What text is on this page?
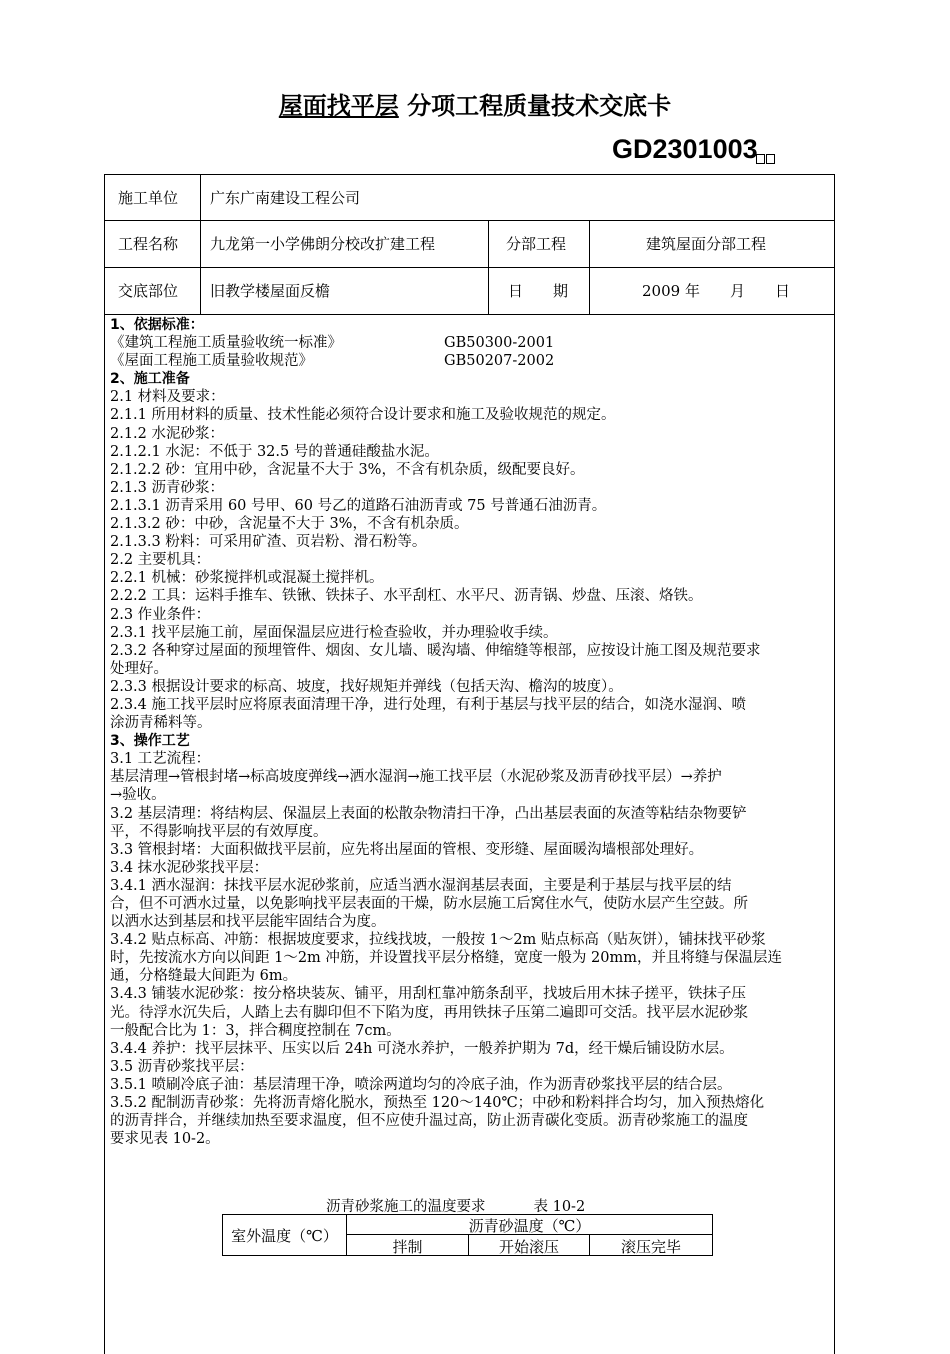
屋面找平层 分项工程质量技术交底卡
GD2301003
施工单位 广东广南建设工程公司
工程名称 九龙第一小学佛朗分校改扩建工程	分部工程	建筑屋面分部工程
交底部位 旧教学楼屋面反檐	日　　期	2009 年　　月　　日
1、依据标准：
《建筑工程施工质量验收统一标准》	GB50300-2001
《屋面工程施工质量验收规范》	GB50207-2002
2、施工准备
2.1 材料及要求：
2.1.1 所用材料的质量、技术性能必须符合设计要求和施工及验收规范的规定。
2.1.2 水泥砂浆：
2.1.2.1 水泥：不低于 32.5 号的普通硅酸盐水泥。
2.1.2.2 砂：宜用中砂，含泥量不大于 3%，不含有机杂质，级配要良好。
2.1.3 沥青砂浆：
2.1.3.1 沥青采用 60 号甲、60 号乙的道路石油沥青或 75 号普通石油沥青。
2.1.3.2 砂：中砂，含泥量不大于 3%，不含有机杂质。
2.1.3.3 粉料：可采用矿渣、页岩粉、滑石粉等。
2.2 主要机具：
2.2.1 机械：砂浆搅拌机或混凝土搅拌机。
2.2.2 工具：运料手推车、铁锹、铁抹子、水平刮杠、水平尺、沥青锅、炒盘、压滚、烙铁。
2.3 作业条件：
2.3.1 找平层施工前，屋面保温层应进行检查验收，并办理验收手续。
2.3.2 各种穿过屋面的预埋管件、烟囱、女儿墙、暖沟墙、伸缩缝等根部，应按设计施工图及规范要求
处理好。
2.3.3 根据设计要求的标高、坡度，找好规矩并弹线（包括天沟、檐沟的坡度）。
2.3.4 施工找平层时应将原表面清理干净，进行处理，有利于基层与找平层的结合，如浇水湿润、喷
涂沥青稀料等。
3、操作工艺
3.1 工艺流程：
基层清理→管根封堵→标高坡度弹线→洒水湿润→施工找平层（水泥砂浆及沥青砂找平层）→养护
→验收。
3.2 基层清理：将结构层、保温层上表面的松散杂物清扫干净，凸出基层表面的灰渣等粘结杂物要铲
平，不得影响找平层的有效厚度。
3.3 管根封堵：大面积做找平层前，应先将出屋面的管根、变形缝、屋面暖沟墙根部处理好。
3.4 抹水泥砂浆找平层：
3.4.1 洒水湿润：抹找平层水泥砂浆前，应适当洒水湿润基层表面，主要是利于基层与找平层的结
合，但不可洒水过量，以免影响找平层表面的干燥，防水层施工后窝住水气，使防水层产生空鼓。所
以洒水达到基层和找平层能牢固结合为度。
3.4.2 贴点标高、冲筋：根据坡度要求，拉线找坡，一般按 1～2m 贴点标高（贴灰饼），铺抹找平砂浆
时，先按流水方向以间距 1～2m 冲筋，并设置找平层分格缝，宽度一般为 20mm，并且将缝与保温层连
通，分格缝最大间距为 6m。
3.4.3 铺装水泥砂浆：按分格块装灰、铺平，用刮杠靠冲筋条刮平，找坡后用木抹子搓平，铁抹子压
光。待浮水沉失后，人踏上去有脚印但不下陷为度，再用铁抹子压第二遍即可交活。找平层水泥砂浆
一般配合比为 1：3，拌合稠度控制在 7cm。
3.4.4 养护：找平层抹平、压实以后 24h 可浇水养护，一般养护期为 7d，经干燥后铺设防水层。
3.5 沥青砂浆找平层：
3.5.1 喷刷冷底子油：基层清理干净，喷涂两道均匀的冷底子油，作为沥青砂浆找平层的结合层。
3.5.2 配制沥青砂浆：先将沥青熔化脱水，预热至 120～140℃；中砂和粉料拌合均匀，加入预热熔化
的沥青拌合，并继续加热至要求温度，但不应使升温过高，防止沥青碳化变质。沥青砂浆施工的温度
要求见表 10-2。
沥青砂浆施工的温度要求	表 10-2
室外温度（℃）
沥青砂温度（℃）
拌制	开始滚压	滚压完毕
